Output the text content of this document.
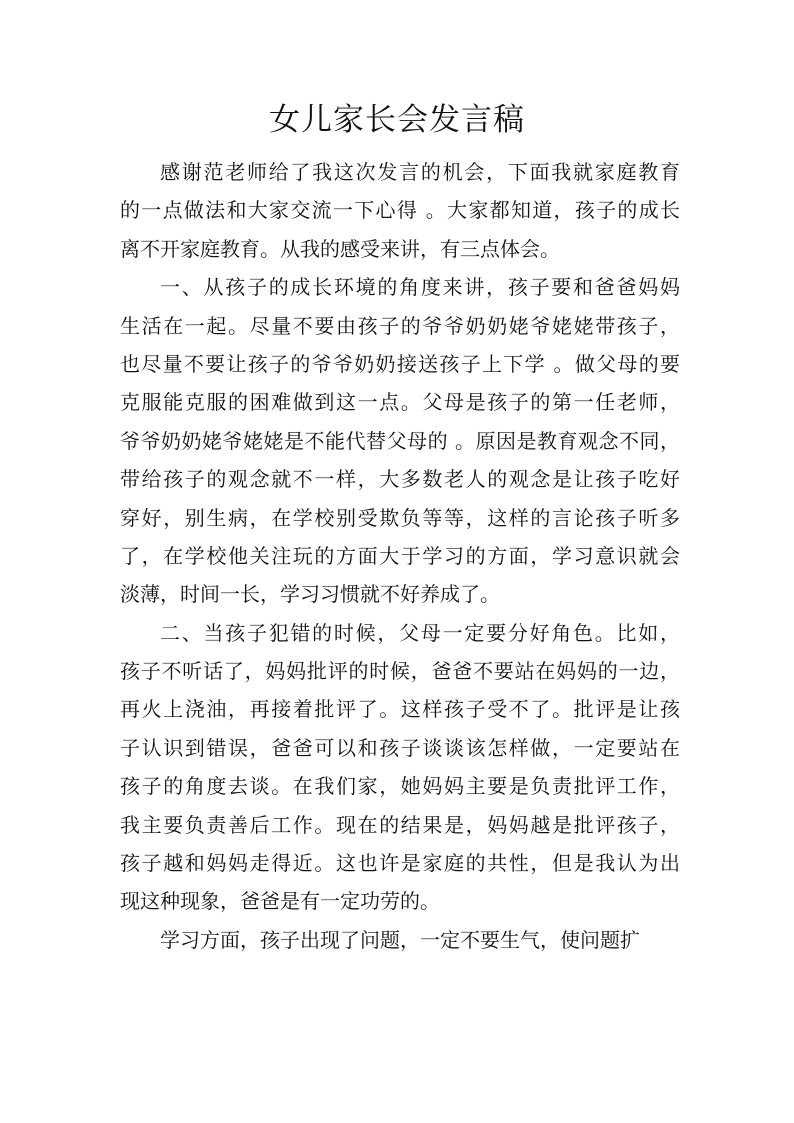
女儿家长会发言稿
感谢范老师给了我这次发言的机会，下面我就家庭教育
的一点做法和大家交流一下心得 。大家都知道，孩子的成长
离不开家庭教育。从我的感受来讲，有三点体会。
一、从孩子的成长环境的角度来讲，孩子要和爸爸妈妈
生活在一起。尽量不要由孩子的爷爷奶奶姥爷姥姥带孩子，
也尽量不要让孩子的爷爷奶奶接送孩子上下学 。做父母的要
克服能克服的困难做到这一点。父母是孩子的第一任老师，
爷爷奶奶姥爷姥姥是不能代替父母的 。原因是教育观念不同，
带给孩子的观念就不一样，大多数老人的观念是让孩子吃好
穿好，别生病，在学校别受欺负等等，这样的言论孩子听多
了，在学校他关注玩的方面大于学习的方面，学习意识就会
淡薄，时间一长，学习习惯就不好养成了。
二、当孩子犯错的时候，父母一定要分好角色。比如，
孩子不听话了，妈妈批评的时候，爸爸不要站在妈妈的一边，
再火上浇油，再接着批评了。这样孩子受不了。批评是让孩
子认识到错误，爸爸可以和孩子谈谈该怎样做，一定要站在
孩子的角度去谈。在我们家，她妈妈主要是负责批评工作，
我主要负责善后工作。现在的结果是，妈妈越是批评孩子，
孩子越和妈妈走得近。这也许是家庭的共性，但是我认为出
现这种现象，爸爸是有一定功劳的。
学习方面，孩子出现了问题，一定不要生气，使问题扩
